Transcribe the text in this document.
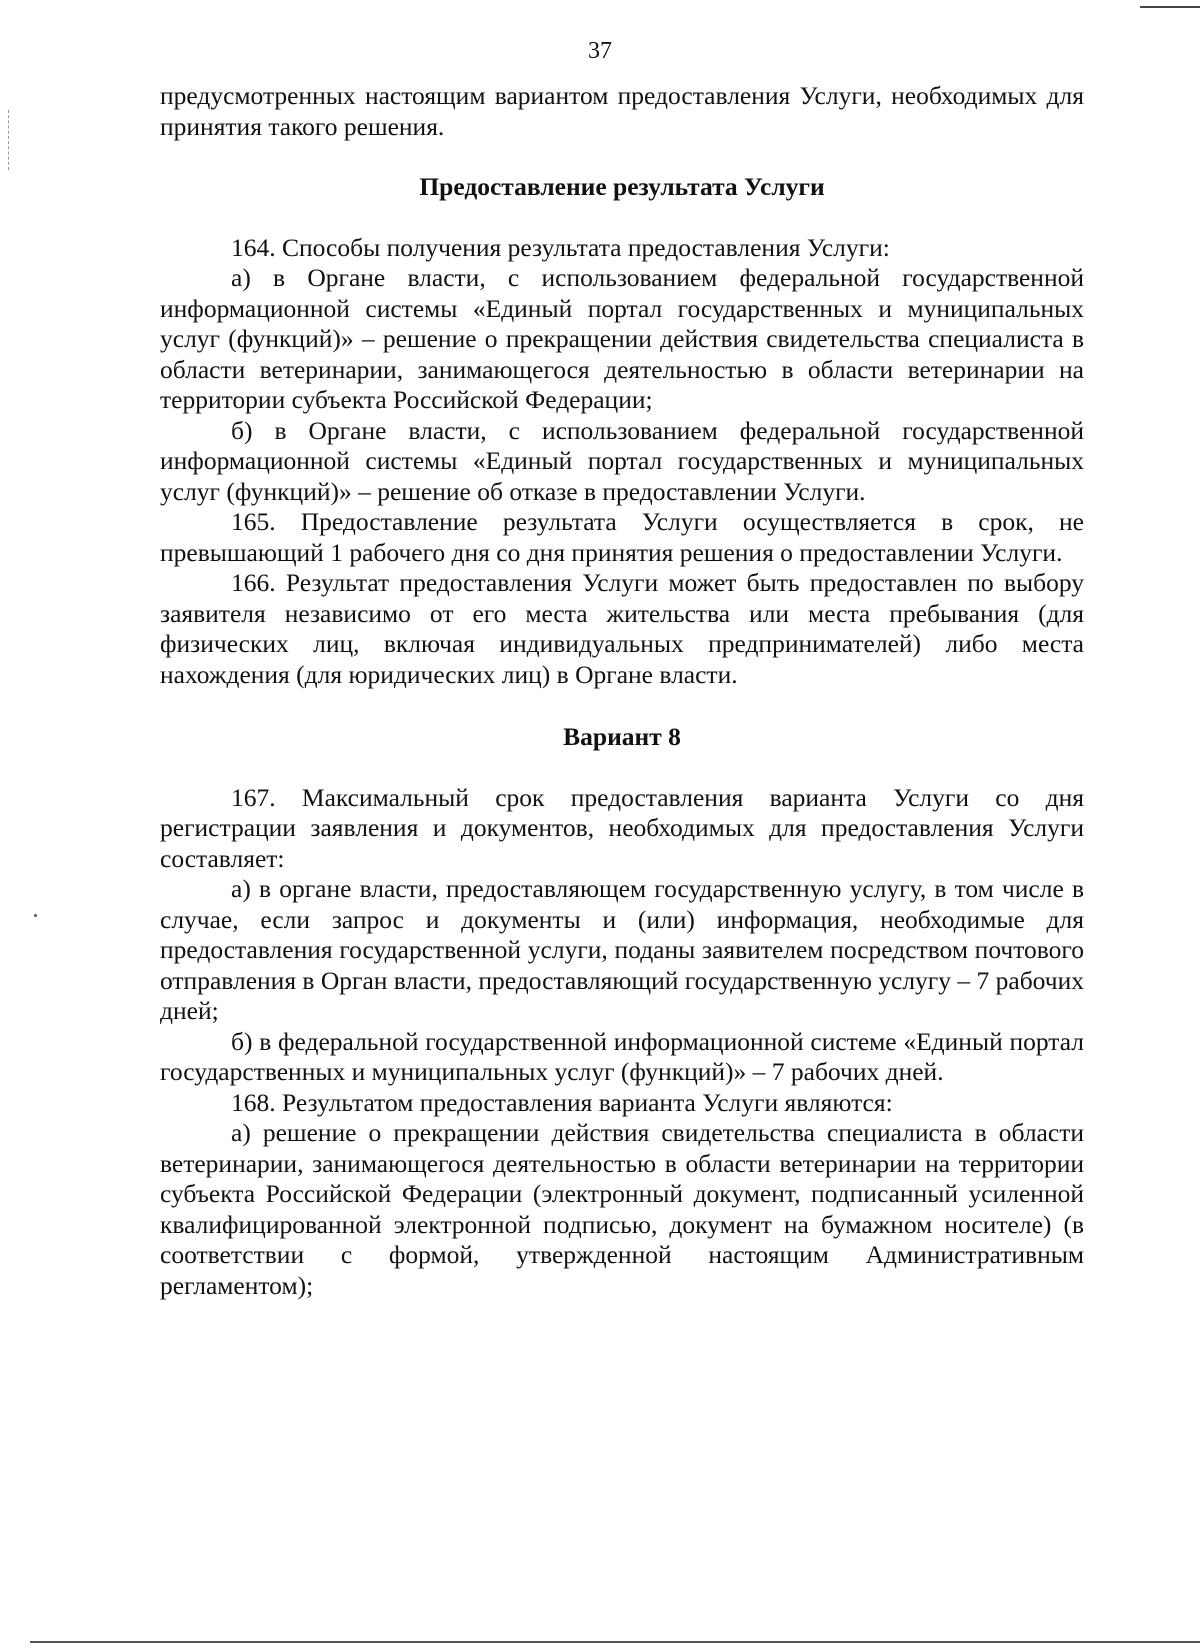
37

предусмотренных настоящим вариантом предоставления Услуги, необходимых для принятия такого решения.

Предоставление результата Услуги

164. Способы получения результата предоставления Услуги:

а) в Органе власти, с использованием федеральной государственной информационной системы «Единый портал государственных и муниципальных услуг (функций)» – решение о прекращении действия свидетельства специалиста в области ветеринарии, занимающегося деятельностью в области ветеринарии на территории субъекта Российской Федерации;

б) в Органе власти, с использованием федеральной государственной информационной системы «Единый портал государственных и муниципальных услуг (функций)» – решение об отказе в предоставлении Услуги.

165. Предоставление результата Услуги осуществляется в срок, не превышающий 1 рабочего дня со дня принятия решения о предоставлении Услуги.

166. Результат предоставления Услуги может быть предоставлен по выбору заявителя независимо от его места жительства или места пребывания (для физических лиц, включая индивидуальных предпринимателей) либо места нахождения (для юридических лиц) в Органе власти.

Вариант 8

167. Максимальный срок предоставления варианта Услуги со дня регистрации заявления и документов, необходимых для предоставления Услуги составляет:

а) в органе власти, предоставляющем государственную услугу, в том числе в случае, если запрос и документы и (или) информация, необходимые для предоставления государственной услуги, поданы заявителем посредством почтового отправления в Орган власти, предоставляющий государственную услугу – 7 рабочих дней;

б) в федеральной государственной информационной системе «Единый портал государственных и муниципальных услуг (функций)» – 7 рабочих дней.

168. Результатом предоставления варианта Услуги являются:

а) решение о прекращении действия свидетельства специалиста в области ветеринарии, занимающегося деятельностью в области ветеринарии на территории субъекта Российской Федерации (электронный документ, подписанный усиленной квалифицированной электронной подписью, документ на бумажном носителе) (в соответствии с формой, утвержденной настоящим Административным регламентом);
